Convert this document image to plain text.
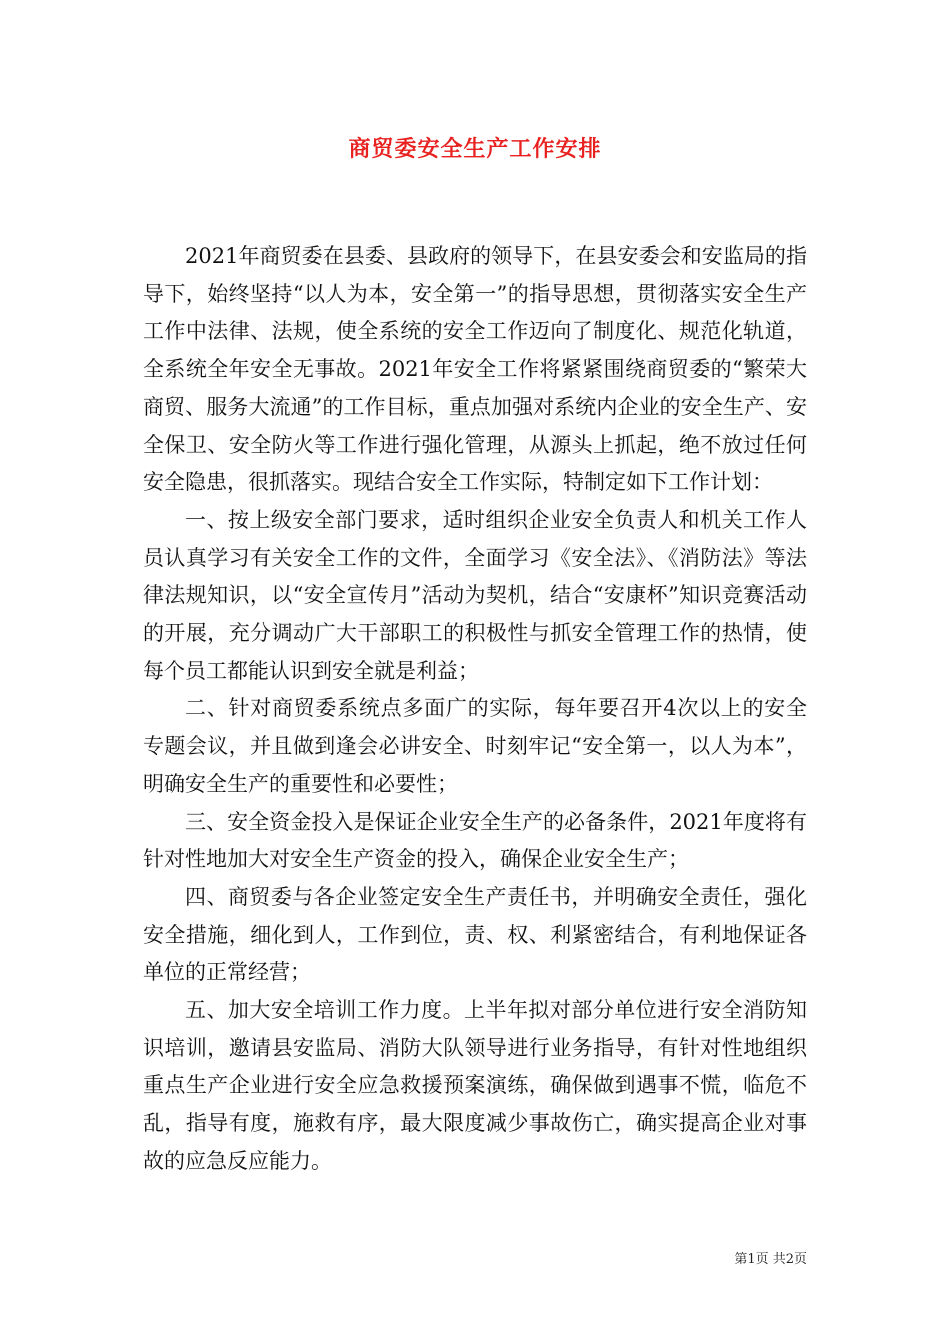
商贸委安全生产工作安排

2021年商贸委在县委、县政府的领导下，在县安委会和安监局的指导下，始终坚持“以人为本，安全第一”的指导思想，贯彻落实安全生产工作中法律、法规，使全系统的安全工作迈向了制度化、规范化轨道，全系统全年安全无事故。2021年安全工作将紧紧围绕商贸委的“繁荣大商贸、服务大流通”的工作目标，重点加强对系统内企业的安全生产、安全保卫、安全防火等工作进行强化管理，从源头上抓起，绝不放过任何安全隐患，很抓落实。现结合安全工作实际，特制定如下工作计划：

一、按上级安全部门要求，适时组织企业安全负责人和机关工作人员认真学习有关安全工作的文件，全面学习《安全法》、《消防法》等法律法规知识，以“安全宣传月”活动为契机，结合“安康杯”知识竞赛活动的开展，充分调动广大干部职工的积极性与抓安全管理工作的热情，使每个员工都能认识到安全就是利益；

二、针对商贸委系统点多面广的实际，每年要召开4次以上的安全专题会议，并且做到逢会必讲安全、时刻牢记“安全第一，以人为本”，明确安全生产的重要性和必要性；

三、安全资金投入是保证企业安全生产的必备条件，2021年度将有针对性地加大对安全生产资金的投入，确保企业安全生产；

四、商贸委与各企业签定安全生产责任书，并明确安全责任，强化安全措施，细化到人，工作到位，责、权、利紧密结合，有利地保证各单位的正常经营；

五、加大安全培训工作力度。上半年拟对部分单位进行安全消防知识培训，邀请县安监局、消防大队领导进行业务指导，有针对性地组织重点生产企业进行安全应急救援预案演练，确保做到遇事不慌，临危不乱，指导有度，施救有序，最大限度减少事故伤亡，确实提高企业对事故的应急反应能力。

第1页 共2页
